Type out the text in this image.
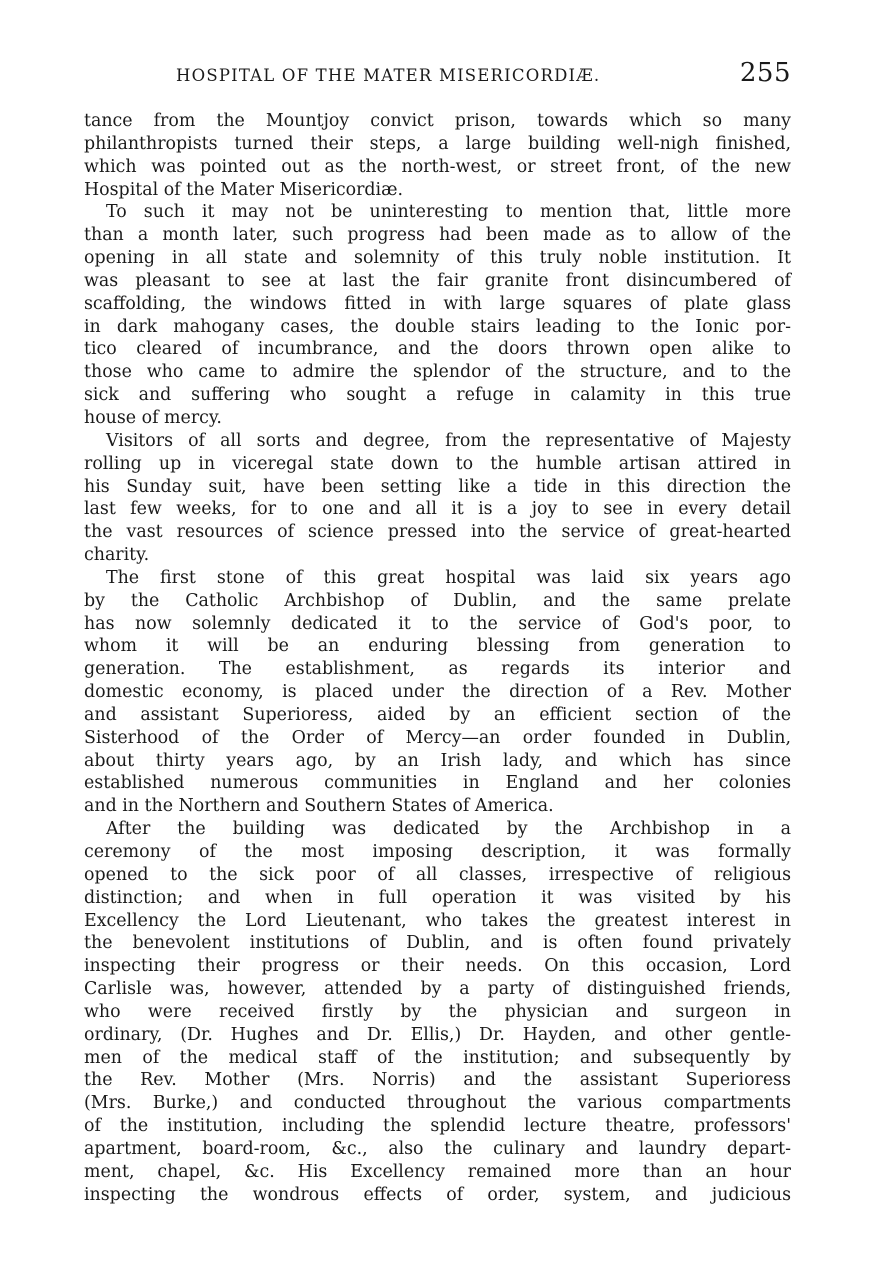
HOSPITAL OF THE MATER MISERICORDIÆ.	255
tance from the Mountjoy convict prison, towards which so many
philanthropists turned their steps, a large building well-nigh finished,
which was pointed out as the north-west, or street front, of the new
Hospital of the Mater Misericordiæ.
To such it may not be uninteresting to mention that, little more
than a month later, such progress had been made as to allow of the
opening in all state and solemnity of this truly noble institution. It
was pleasant to see at last the fair granite front disincumbered of
scaffolding, the windows fitted in with large squares of plate glass
in dark mahogany cases, the double stairs leading to the Ionic por-
tico cleared of incumbrance, and the doors thrown open alike to
those who came to admire the splendor of the structure, and to the
sick and suffering who sought a refuge in calamity in this true
house of mercy.
Visitors of all sorts and degree, from the representative of Majesty
rolling up in viceregal state down to the humble artisan attired in
his Sunday suit, have been setting like a tide in this direction the
last few weeks, for to one and all it is a joy to see in every detail
the vast resources of science pressed into the service of great-hearted
charity.
The first stone of this great hospital was laid six years ago
by the Catholic Archbishop of Dublin, and the same prelate
has now solemnly dedicated it to the service of God's poor, to
whom it will be an enduring blessing from generation to
generation. The establishment, as regards its interior and
domestic economy, is placed under the direction of a Rev. Mother
and assistant Superioress, aided by an efficient section of the
Sisterhood of the Order of Mercy—an order founded in Dublin,
about thirty years ago, by an Irish lady, and which has since
established numerous communities in England and her colonies
and in the Northern and Southern States of America.
After the building was dedicated by the Archbishop in a
ceremony of the most imposing description, it was formally
opened to the sick poor of all classes, irrespective of religious
distinction; and when in full operation it was visited by his
Excellency the Lord Lieutenant, who takes the greatest interest in
the benevolent institutions of Dublin, and is often found privately
inspecting their progress or their needs. On this occasion, Lord
Carlisle was, however, attended by a party of distinguished friends,
who were received firstly by the physician and surgeon in
ordinary, (Dr. Hughes and Dr. Ellis,) Dr. Hayden, and other gentle-
men of the medical staff of the institution; and subsequently by
the Rev. Mother (Mrs. Norris) and the assistant Superioress
(Mrs. Burke,) and conducted throughout the various compartments
of the institution, including the splendid lecture theatre, professors'
apartment, board-room, &c., also the culinary and laundry depart-
ment, chapel, &c. His Excellency remained more than an hour
inspecting the wondrous effects of order, system, and judicious
